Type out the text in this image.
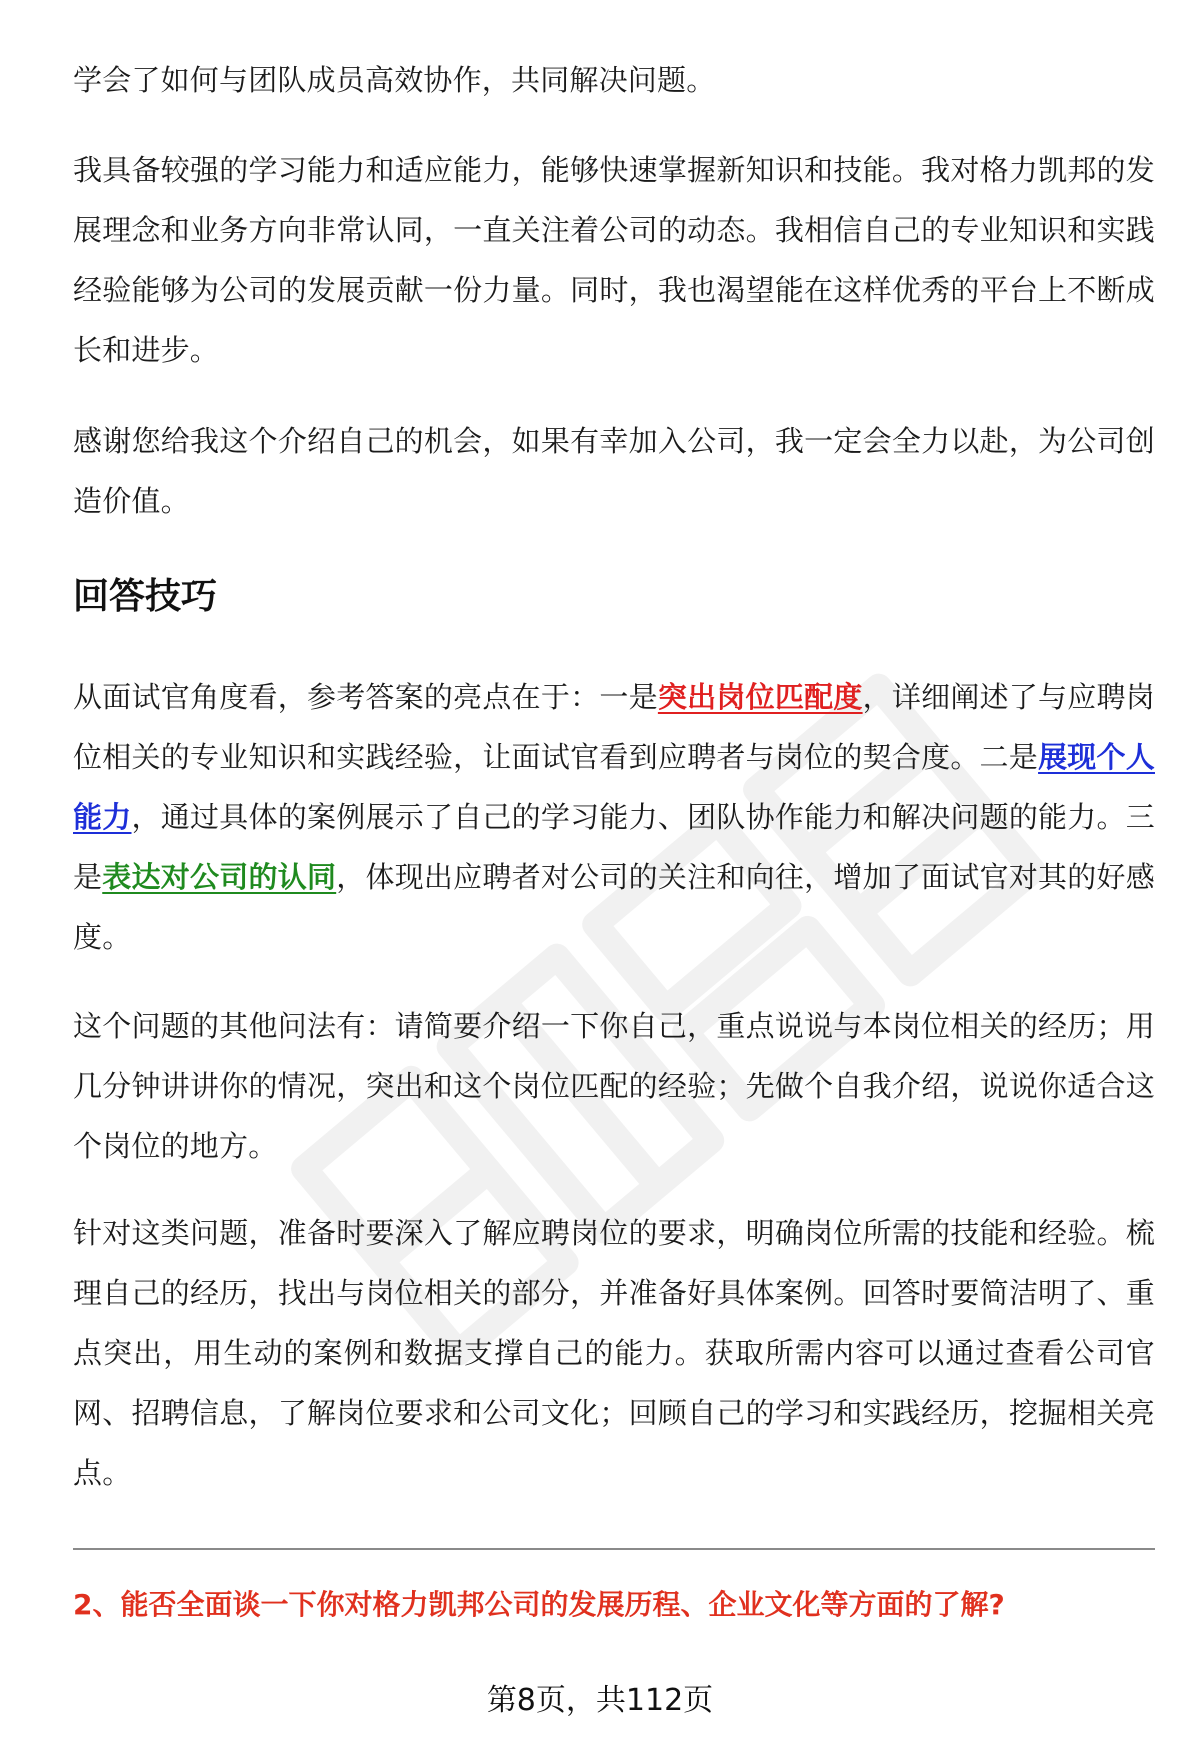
学会了如何与团队成员高效协作，共同解决问题。

我具备较强的学习能力和适应能力，能够快速掌握新知识和技能。我对格力凯邦的发展理念和业务方向非常认同，一直关注着公司的动态。我相信自己的专业知识和实践经验能够为公司的发展贡献一份力量。同时，我也渴望能在这样优秀的平台上不断成长和进步。

感谢您给我这个介绍自己的机会，如果有幸加入公司，我一定会全力以赴，为公司创造价值。

回答技巧

从面试官角度看，参考答案的亮点在于：一是突出岗位匹配度，详细阐述了与应聘岗位相关的专业知识和实践经验，让面试官看到应聘者与岗位的契合度。二是展现个人能力，通过具体的案例展示了自己的学习能力、团队协作能力和解决问题的能力。三是表达对公司的认同，体现出应聘者对公司的关注和向往，增加了面试官对其的好感度。

这个问题的其他问法有：请简要介绍一下你自己，重点说说与本岗位相关的经历；用几分钟讲讲你的情况，突出和这个岗位匹配的经验；先做个自我介绍，说说你适合这个岗位的地方。

针对这类问题，准备时要深入了解应聘岗位的要求，明确岗位所需的技能和经验。梳理自己的经历，找出与岗位相关的部分，并准备好具体案例。回答时要简洁明了、重点突出，用生动的案例和数据支撑自己的能力。获取所需内容可以通过查看公司官网、招聘信息，了解岗位要求和公司文化；回顾自己的学习和实践经历，挖掘相关亮点。

2、能否全面谈一下你对格力凯邦公司的发展历程、企业文化等方面的了解?

第8页，共112页
